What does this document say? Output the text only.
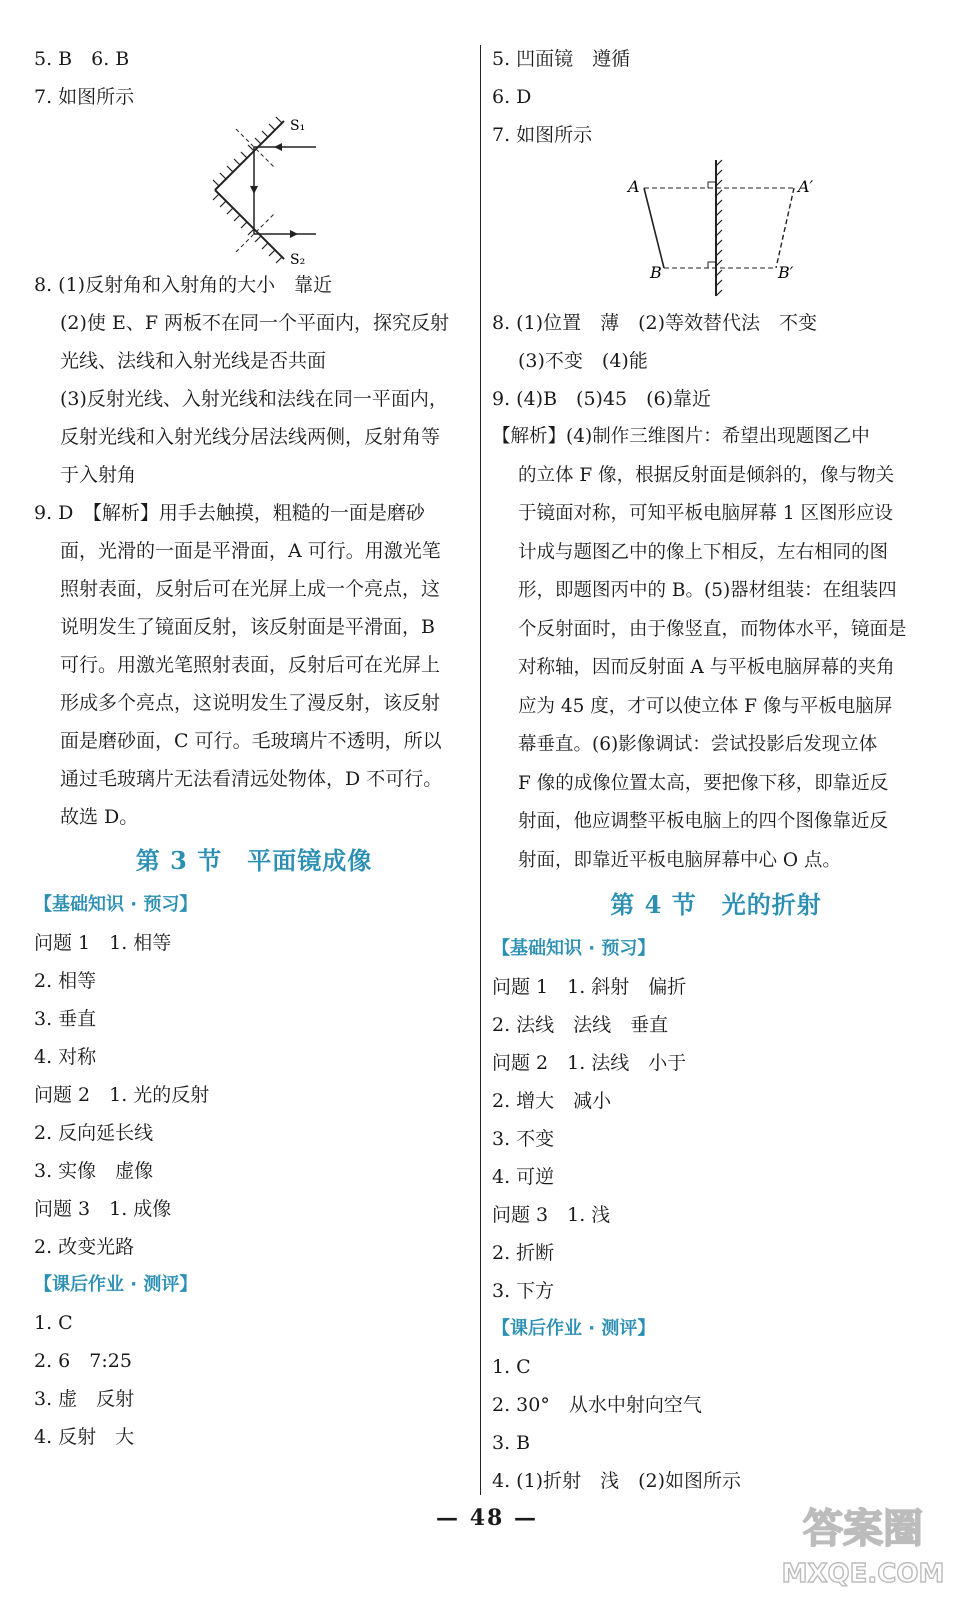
5. B　6. B

7. 如图所示

S₁
S₂

8. (1)反射角和入射角的大小　靠近

(2)使 E、F 两板不在同一个平面内，探究反射

光线、法线和入射光线是否共面

(3)反射光线、入射光线和法线在同一平面内，

反射光线和入射光线分居法线两侧，反射角等

于入射角

9. D　【解析】用手去触摸，粗糙的一面是磨砂

面，光滑的一面是平滑面，A 可行。用激光笔

照射表面，反射后可在光屏上成一个亮点，这

说明发生了镜面反射，该反射面是平滑面，B

可行。用激光笔照射表面，反射后可在光屏上

形成多个亮点，这说明发生了漫反射，该反射

面是磨砂面，C 可行。毛玻璃片不透明，所以

通过毛玻璃片无法看清远处物体，D 不可行。

故选 D。

第 3 节　平面镜成像

【基础知识 · 预习】

问题 1　1. 相等

2. 相等

3. 垂直

4. 对称

问题 2　1. 光的反射

2. 反向延长线

3. 实像　虚像

问题 3　1. 成像

2. 改变光路

【课后作业 · 测评】

1. C

2. 6　7:25

3. 虚　反射

4. 反射　大

5. 凹面镜　遵循

6. D

7. 如图所示

A	A′
B	B′

8. (1)位置　薄　(2)等效替代法　不变

(3)不变　(4)能

9. (4)B　(5)45　(6)靠近

【解析】(4)制作三维图片：希望出现题图乙中

的立体 F 像，根据反射面是倾斜的，像与物关

于镜面对称，可知平板电脑屏幕 1 区图形应设

计成与题图乙中的像上下相反，左右相同的图

形，即题图丙中的 B。(5)器材组装：在组装四

个反射面时，由于像竖直，而物体水平，镜面是

对称轴，因而反射面 A 与平板电脑屏幕的夹角

应为 45 度，才可以使立体 F 像与平板电脑屏

幕垂直。(6)影像调试：尝试投影后发现立体

F 像的成像位置太高，要把像下移，即靠近反

射面，他应调整平板电脑上的四个图像靠近反

射面，即靠近平板电脑屏幕中心 O 点。

第 4 节　光的折射

【基础知识 · 预习】

问题 1　1. 斜射　偏折

2. 法线　法线　垂直

问题 2　1. 法线　小于

2. 增大　减小

3. 不变

4. 可逆

问题 3　1. 浅

2. 折断

3. 下方

【课后作业 · 测评】

1. C

2. 30°　从水中射向空气

3. B

4. (1)折射　浅　(2)如图所示

— 48 —	答案圈
MXQE.COM
